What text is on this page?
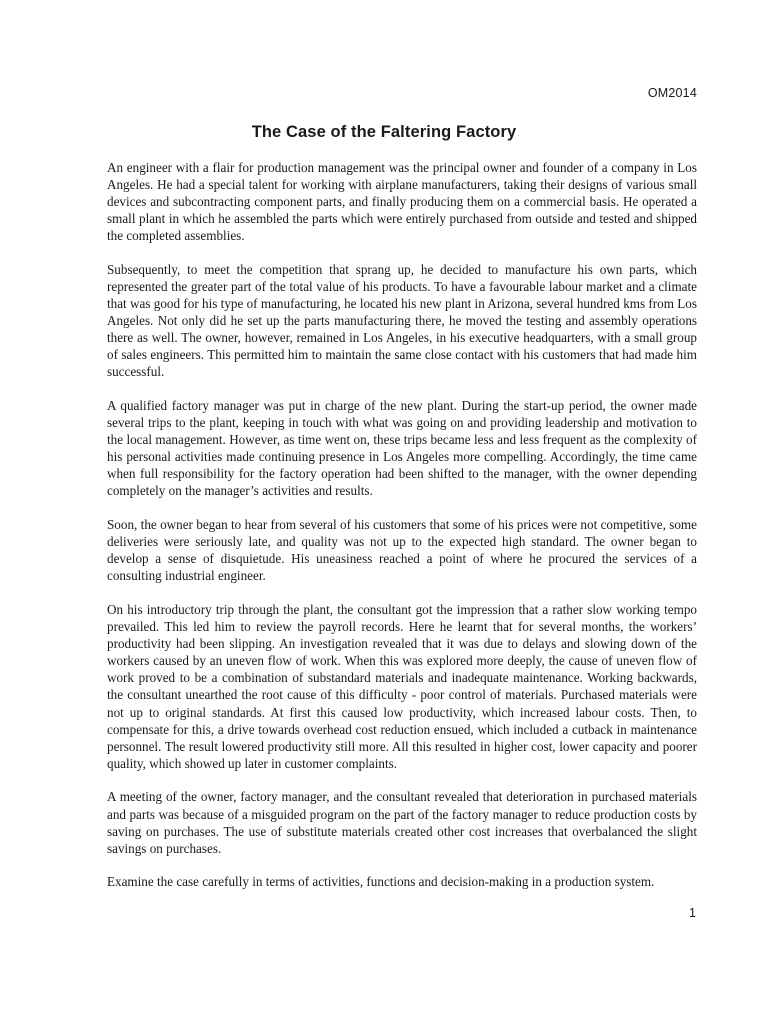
OM2014
The Case of the Faltering Factory

An engineer with a flair for production management was the principal owner and founder of a company in Los Angeles. He had a special talent for working with airplane manufacturers, taking their designs of various small devices and subcontracting component parts, and finally producing them on a commercial basis. He operated a small plant in which he assembled the parts which were entirely purchased from outside and tested and shipped the completed assemblies.

Subsequently, to meet the competition that sprang up, he decided to manufacture his own parts, which represented the greater part of the total value of his products. To have a favourable labour market and a climate that was good for his type of manufacturing, he located his new plant in Arizona, several hundred kms from Los Angeles. Not only did he set up the parts manufacturing there, he moved the testing and assembly operations there as well. The owner, however, remained in Los Angeles, in his executive headquarters, with a small group of sales engineers. This permitted him to maintain the same close contact with his customers that had made him successful.

A qualified factory manager was put in charge of the new plant. During the start-up period, the owner made several trips to the plant, keeping in touch with what was going on and providing leadership and motivation to the local management. However, as time went on, these trips became less and less frequent as the complexity of his personal activities made continuing presence in Los Angeles more compelling. Accordingly, the time came when full responsibility for the factory operation had been shifted to the manager, with the owner depending completely on the manager’s activities and results.

Soon, the owner began to hear from several of his customers that some of his prices were not competitive, some deliveries were seriously late, and quality was not up to the expected high standard. The owner began to develop a sense of disquietude. His uneasiness reached a point of where he procured the services of a consulting industrial engineer.

On his introductory trip through the plant, the consultant got the impression that a rather slow working tempo prevailed. This led him to review the payroll records. Here he learnt that for several months, the workers’ productivity had been slipping. An investigation revealed that it was due to delays and slowing down of the workers caused by an uneven flow of work. When this was explored more deeply, the cause of uneven flow of work proved to be a combination of substandard materials and inadequate maintenance. Working backwards, the consultant unearthed the root cause of this difficulty - poor control of materials. Purchased materials were not up to original standards. At first this caused low productivity, which increased labour costs. Then, to compensate for this, a drive towards overhead cost reduction ensued, which included a cutback in maintenance personnel. The result lowered productivity still more. All this resulted in higher cost, lower capacity and poorer quality, which showed up later in customer complaints.

A meeting of the owner, factory manager, and the consultant revealed that deterioration in purchased materials and parts was because of a misguided program on the part of the factory manager to reduce production costs by saving on purchases. The use of substitute materials created other cost increases that overbalanced the slight savings on purchases.

Examine the case carefully in terms of activities, functions and decision-making in a production system.

1
